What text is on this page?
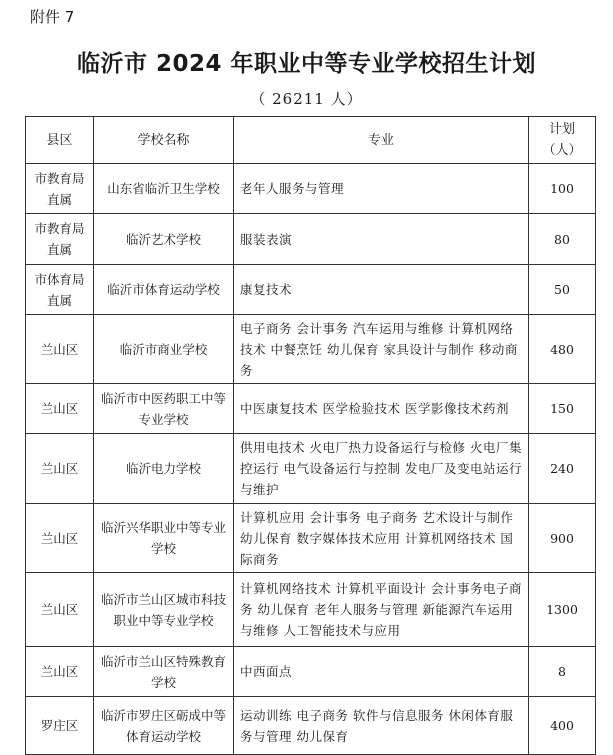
附件 7
临沂市 2024 年职业中等专业学校招生计划
（ 26211 人）
县区	学校名称	专业	计划（人）
市教育局直属	山东省临沂卫生学校	老年人服务与管理	100
市教育局直属	临沂艺术学校	服装表演	80
市体育局直属	临沂市体育运动学校	康复技术	50
兰山区	临沂市商业学校	电子商务 会计事务 汽车运用与维修 计算机网络技术 中餐烹饪 幼儿保育 家具设计与制作 移动商务	480
兰山区	临沂市中医药职工中等专业学校	中医康复技术 医学检验技术 医学影像技术药剂	150
兰山区	临沂电力学校	供用电技术 火电厂热力设备运行与检修 火电厂集控运行 电气设备运行与控制 发电厂及变电站运行与维护	240
兰山区	临沂兴华职业中等专业学校	计算机应用 会计事务 电子商务 艺术设计与制作 幼儿保育 数字媒体技术应用 计算机网络技术 国际商务	900
兰山区	临沂市兰山区城市科技职业中等专业学校	计算机网络技术 计算机平面设计 会计事务电子商务 幼儿保育 老年人服务与管理 新能源汽车运用与维修 人工智能技术与应用	1300
兰山区	临沂市兰山区特殊教育学校	中西面点	8
罗庄区	临沂市罗庄区砺成中等体育运动学校	运动训练 电子商务 软件与信息服务 休闲体育服务与管理 幼儿保育	400
